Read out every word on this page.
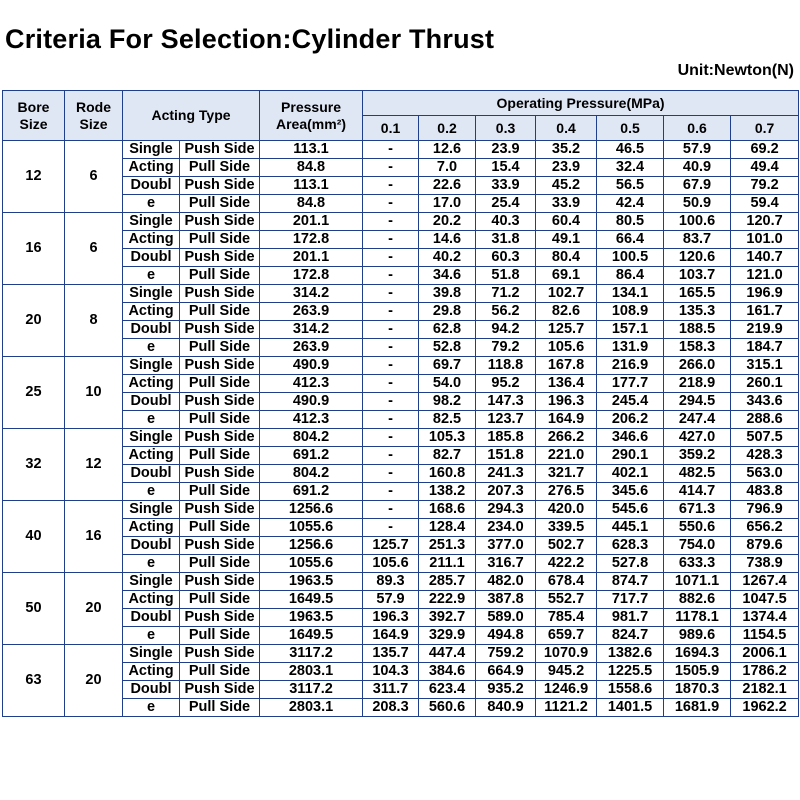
Criteria For Selection:Cylinder Thrust
Unit:Newton(N)
Bore Size	Rode Size	Acting Type		Pressure Area(mm²)	Operating Pressure(MPa)						
					0.1	0.2	0.3	0.4	0.5	0.6	0.7
12	6	Single	Push Side	113.1	-	12.6	23.9	35.2	46.5	57.9	69.2
		Acting	Pull Side	84.8	-	7.0	15.4	23.9	32.4	40.9	49.4
		Doubl	Push Side	113.1	-	22.6	33.9	45.2	56.5	67.9	79.2
		e	Pull Side	84.8	-	17.0	25.4	33.9	42.4	50.9	59.4
16	6	Single	Push Side	201.1	-	20.2	40.3	60.4	80.5	100.6	120.7
		Acting	Pull Side	172.8	-	14.6	31.8	49.1	66.4	83.7	101.0
		Doubl	Push Side	201.1	-	40.2	60.3	80.4	100.5	120.6	140.7
		e	Pull Side	172.8	-	34.6	51.8	69.1	86.4	103.7	121.0
20	8	Single	Push Side	314.2	-	39.8	71.2	102.7	134.1	165.5	196.9
		Acting	Pull Side	263.9	-	29.8	56.2	82.6	108.9	135.3	161.7
		Doubl	Push Side	314.2	-	62.8	94.2	125.7	157.1	188.5	219.9
		e	Pull Side	263.9	-	52.8	79.2	105.6	131.9	158.3	184.7
25	10	Single	Push Side	490.9	-	69.7	118.8	167.8	216.9	266.0	315.1
		Acting	Pull Side	412.3	-	54.0	95.2	136.4	177.7	218.9	260.1
		Doubl	Push Side	490.9	-	98.2	147.3	196.3	245.4	294.5	343.6
		e	Pull Side	412.3	-	82.5	123.7	164.9	206.2	247.4	288.6
32	12	Single	Push Side	804.2	-	105.3	185.8	266.2	346.6	427.0	507.5
		Acting	Pull Side	691.2	-	82.7	151.8	221.0	290.1	359.2	428.3
		Doubl	Push Side	804.2	-	160.8	241.3	321.7	402.1	482.5	563.0
		e	Pull Side	691.2	-	138.2	207.3	276.5	345.6	414.7	483.8
40	16	Single	Push Side	1256.6	-	168.6	294.3	420.0	545.6	671.3	796.9
		Acting	Pull Side	1055.6	-	128.4	234.0	339.5	445.1	550.6	656.2
		Doubl	Push Side	1256.6	125.7	251.3	377.0	502.7	628.3	754.0	879.6
		e	Pull Side	1055.6	105.6	211.1	316.7	422.2	527.8	633.3	738.9
50	20	Single	Push Side	1963.5	89.3	285.7	482.0	678.4	874.7	1071.1	1267.4
		Acting	Pull Side	1649.5	57.9	222.9	387.8	552.7	717.7	882.6	1047.5
		Doubl	Push Side	1963.5	196.3	392.7	589.0	785.4	981.7	1178.1	1374.4
		e	Pull Side	1649.5	164.9	329.9	494.8	659.7	824.7	989.6	1154.5
63	20	Single	Push Side	3117.2	135.7	447.4	759.2	1070.9	1382.6	1694.3	2006.1
		Acting	Pull Side	2803.1	104.3	384.6	664.9	945.2	1225.5	1505.9	1786.2
		Doubl	Push Side	3117.2	311.7	623.4	935.2	1246.9	1558.6	1870.3	2182.1
		e	Pull Side	2803.1	208.3	560.6	840.9	1121.2	1401.5	1681.9	1962.2
